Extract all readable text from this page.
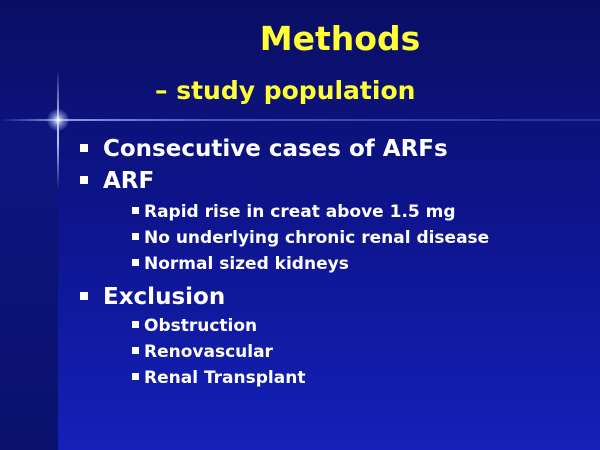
Methods
– study population
Consecutive cases of ARFs
ARF
Rapid rise in creat above 1.5 mg
No underlying chronic renal disease
Normal sized kidneys
Exclusion
Obstruction
Renovascular
Renal Transplant
